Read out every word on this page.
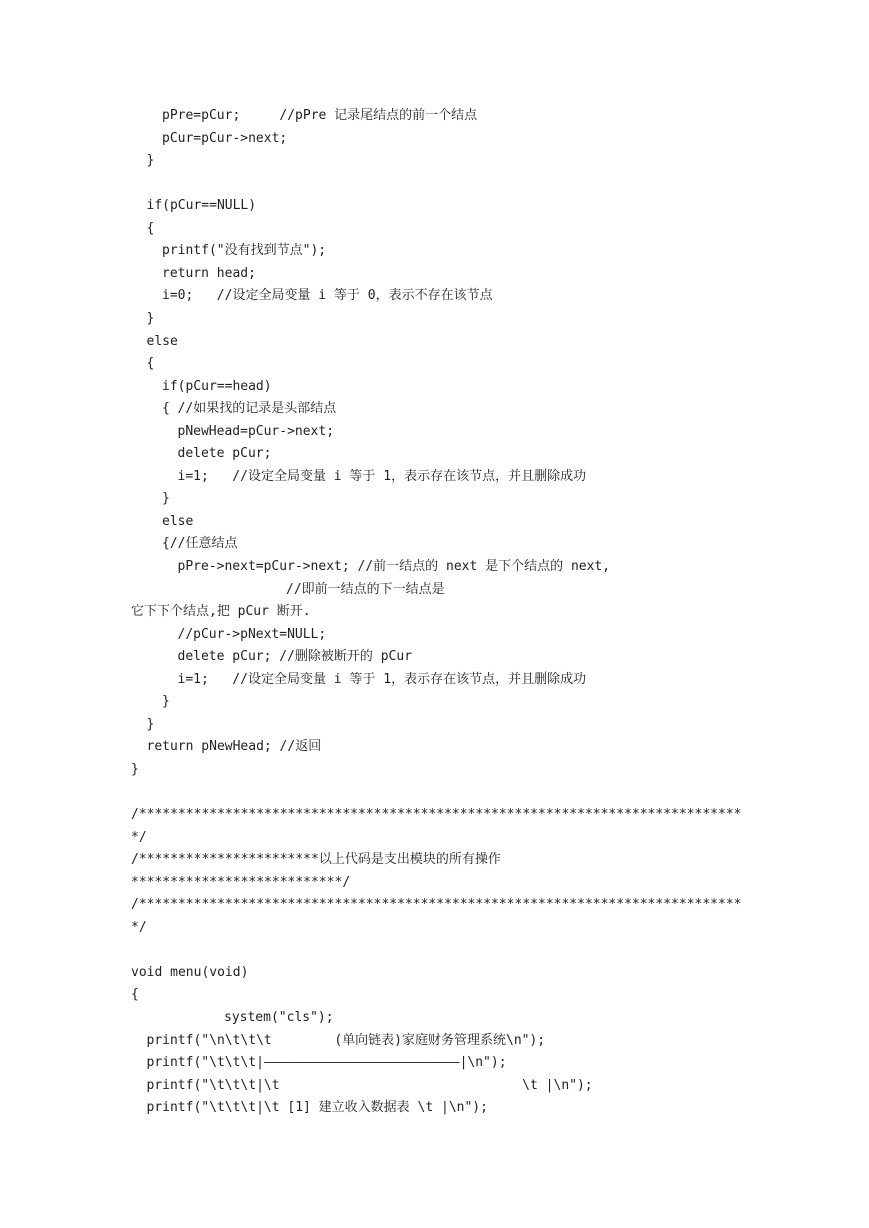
pPre=pCur;     //pPre 记录尾结点的前一个结点
pCur=pCur->next;
}
if(pCur==NULL)
{
printf("没有找到节点");
return head;
i=0;   //设定全局变量 i 等于 0，表示不存在该节点
}
else
{
if(pCur==head)
{ //如果找的记录是头部结点
pNewHead=pCur->next;
delete pCur;
i=1;   //设定全局变量 i 等于 1，表示存在该节点，并且删除成功
}
else
{//任意结点
pPre->next=pCur->next; //前一结点的 next 是下个结点的 next,
//即前一结点的下一结点是
它下下个结点,把 pCur 断开.
//pCur->pNext=NULL;
delete pCur; //删除被断开的 pCur
i=1;   //设定全局变量 i 等于 1，表示存在该节点，并且删除成功
}
}
return pNewHead; //返回
}
/*****************************************************************************
*/
/***********************以上代码是支出模块的所有操作
***************************/
/*****************************************************************************
*/
void menu(void)
{
system("cls");
printf("\n\t\t\t        (单向链表)家庭财务管理系统\n");
printf("\t\t\t|—————————————————————————|\n");
printf("\t\t\t|\t                               \t |\n");
printf("\t\t\t|\t [1] 建立收入数据表 \t |\n");
